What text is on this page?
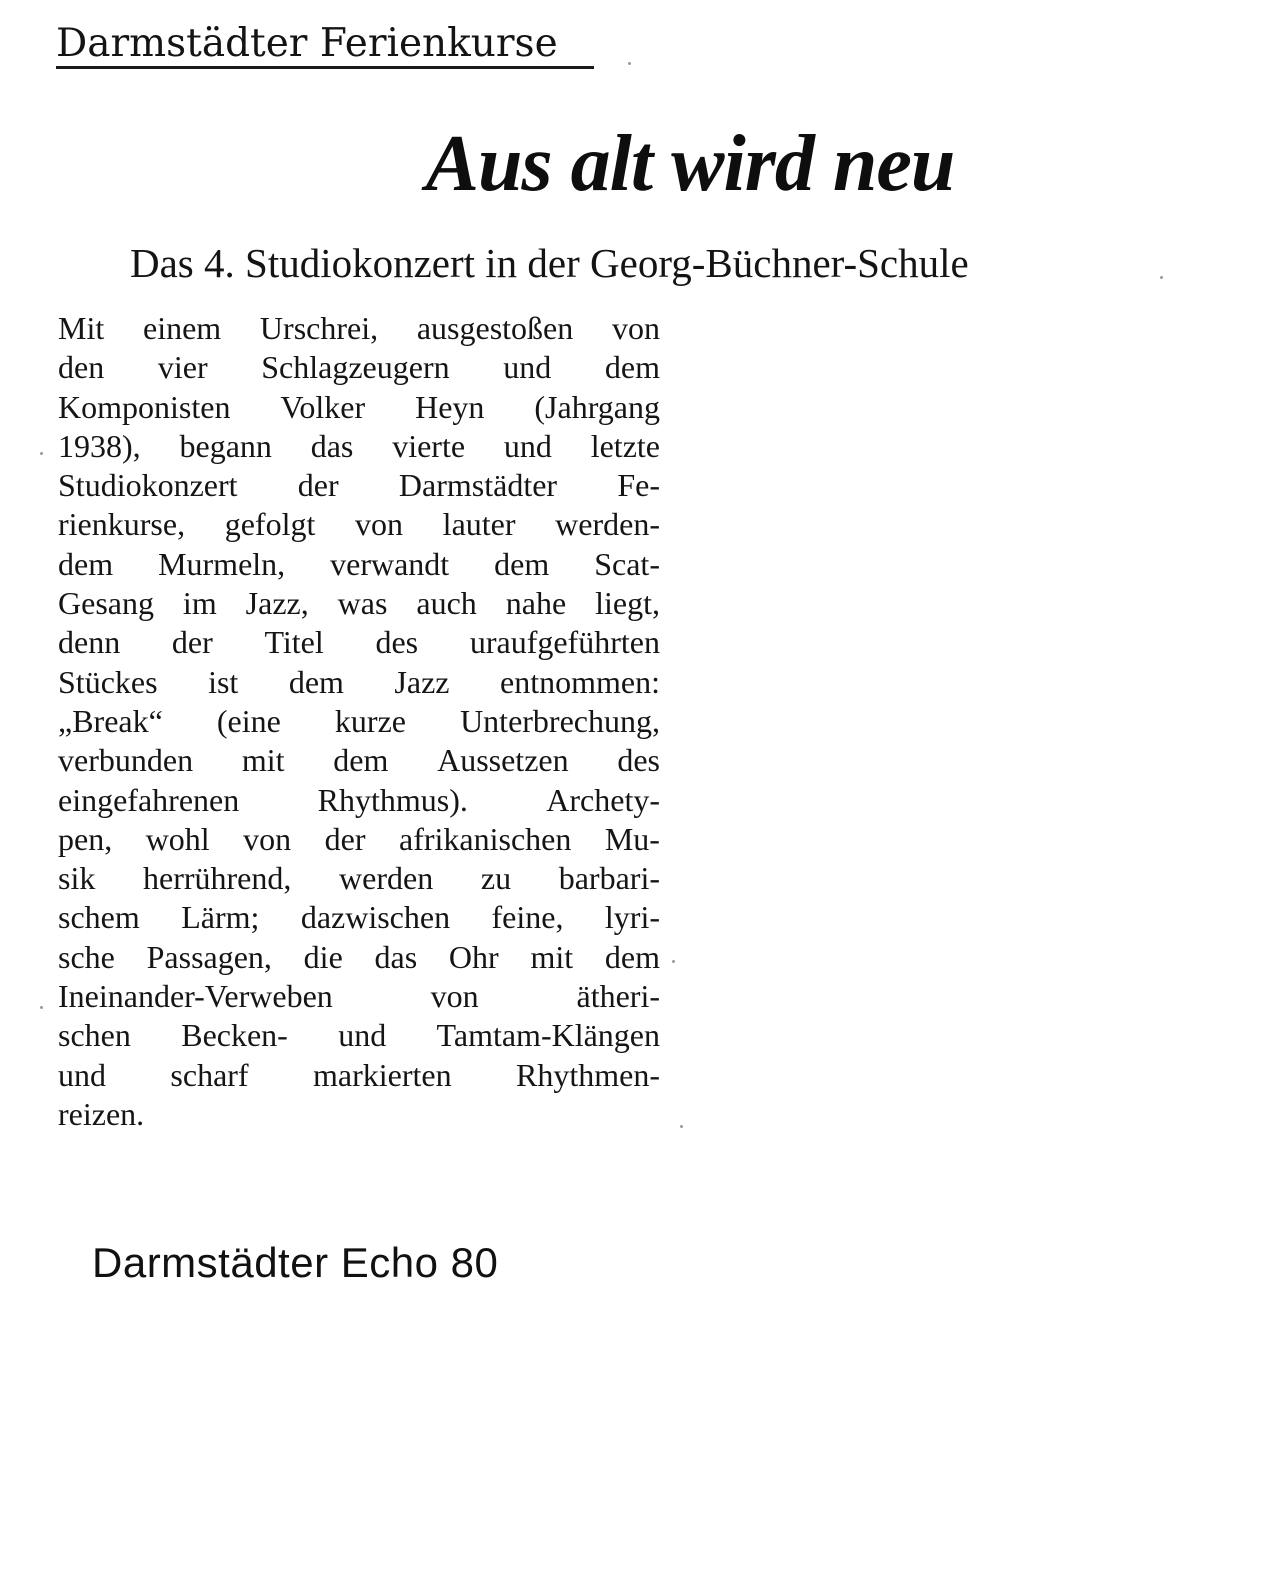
Darmstädter Ferienkurse
Aus alt wird neu
Das 4. Studiokonzert in der Georg-Büchner-Schule
Mit einem Urschrei, ausgestoßen von
den vier Schlagzeugern und dem
Komponisten Volker Heyn (Jahrgang
1938), begann das vierte und letzte
Studiokonzert der Darmstädter Fe-
rienkurse, gefolgt von lauter werden-
dem Murmeln, verwandt dem Scat-
Gesang im Jazz, was auch nahe liegt,
denn der Titel des uraufgeführten
Stückes ist dem Jazz entnommen:
„Break“ (eine kurze Unterbrechung,
verbunden mit dem Aussetzen des
eingefahrenen Rhythmus). Archety-
pen, wohl von der afrikanischen Mu-
sik herrührend, werden zu barbari-
schem Lärm; dazwischen feine, lyri-
sche Passagen, die das Ohr mit dem
Ineinander-Verweben	von	ätheri-
schen Becken- und Tamtam-Klängen
und scharf markierten Rhythmen-
reizen.
Darmstädter Echo 80
